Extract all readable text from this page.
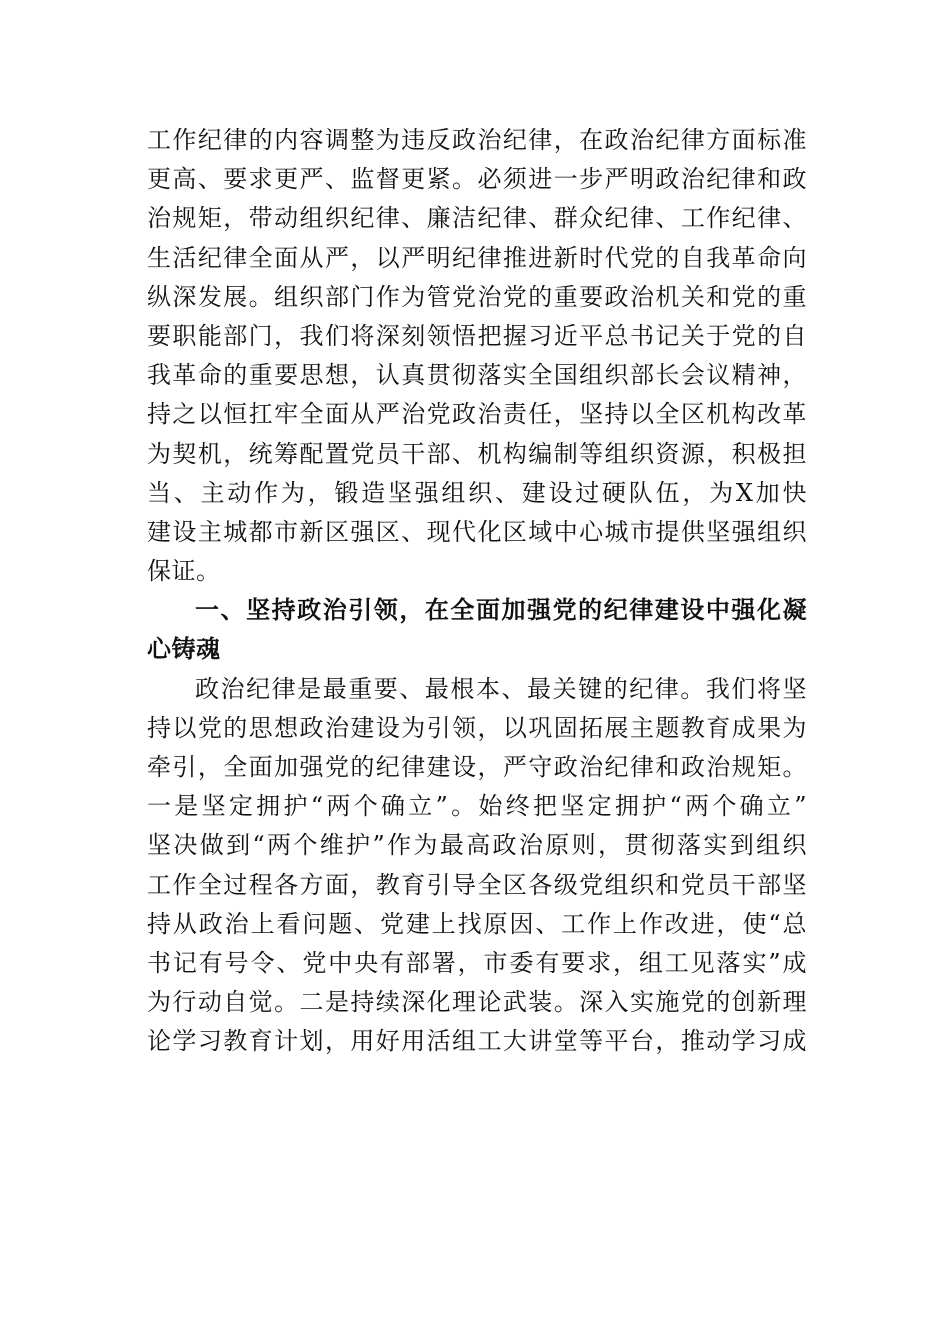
工作纪律的内容调整为违反政治纪律，在政治纪律方面标准
更高、要求更严、监督更紧。必须进一步严明政治纪律和政
治规矩，带动组织纪律、廉洁纪律、群众纪律、工作纪律、
生活纪律全面从严，以严明纪律推进新时代党的自我革命向
纵深发展。组织部门作为管党治党的重要政治机关和党的重
要职能部门，我们将深刻领悟把握习近平总书记关于党的自
我革命的重要思想，认真贯彻落实全国组织部长会议精神，
持之以恒扛牢全面从严治党政治责任，坚持以全区机构改革
为契机，统筹配置党员干部、机构编制等组织资源，积极担
当、主动作为，锻造坚强组织、建设过硬队伍，为X加快
建设主城都市新区强区、现代化区域中心城市提供坚强组织
保证。
一、坚持政治引领，在全面加强党的纪律建设中强化凝
心铸魂
政治纪律是最重要、最根本、最关键的纪律。我们将坚
持以党的思想政治建设为引领，以巩固拓展主题教育成果为
牵引，全面加强党的纪律建设，严守政治纪律和政治规矩。
一是坚定拥护“两个确立”。始终把坚定拥护“两个确立”
坚决做到“两个维护”作为最高政治原则，贯彻落实到组织
工作全过程各方面，教育引导全区各级党组织和党员干部坚
持从政治上看问题、党建上找原因、工作上作改进，使“总
书记有号令、党中央有部署，市委有要求，组工见落实”成
为行动自觉。二是持续深化理论武装。深入实施党的创新理
论学习教育计划，用好用活组工大讲堂等平台，推动学习成
